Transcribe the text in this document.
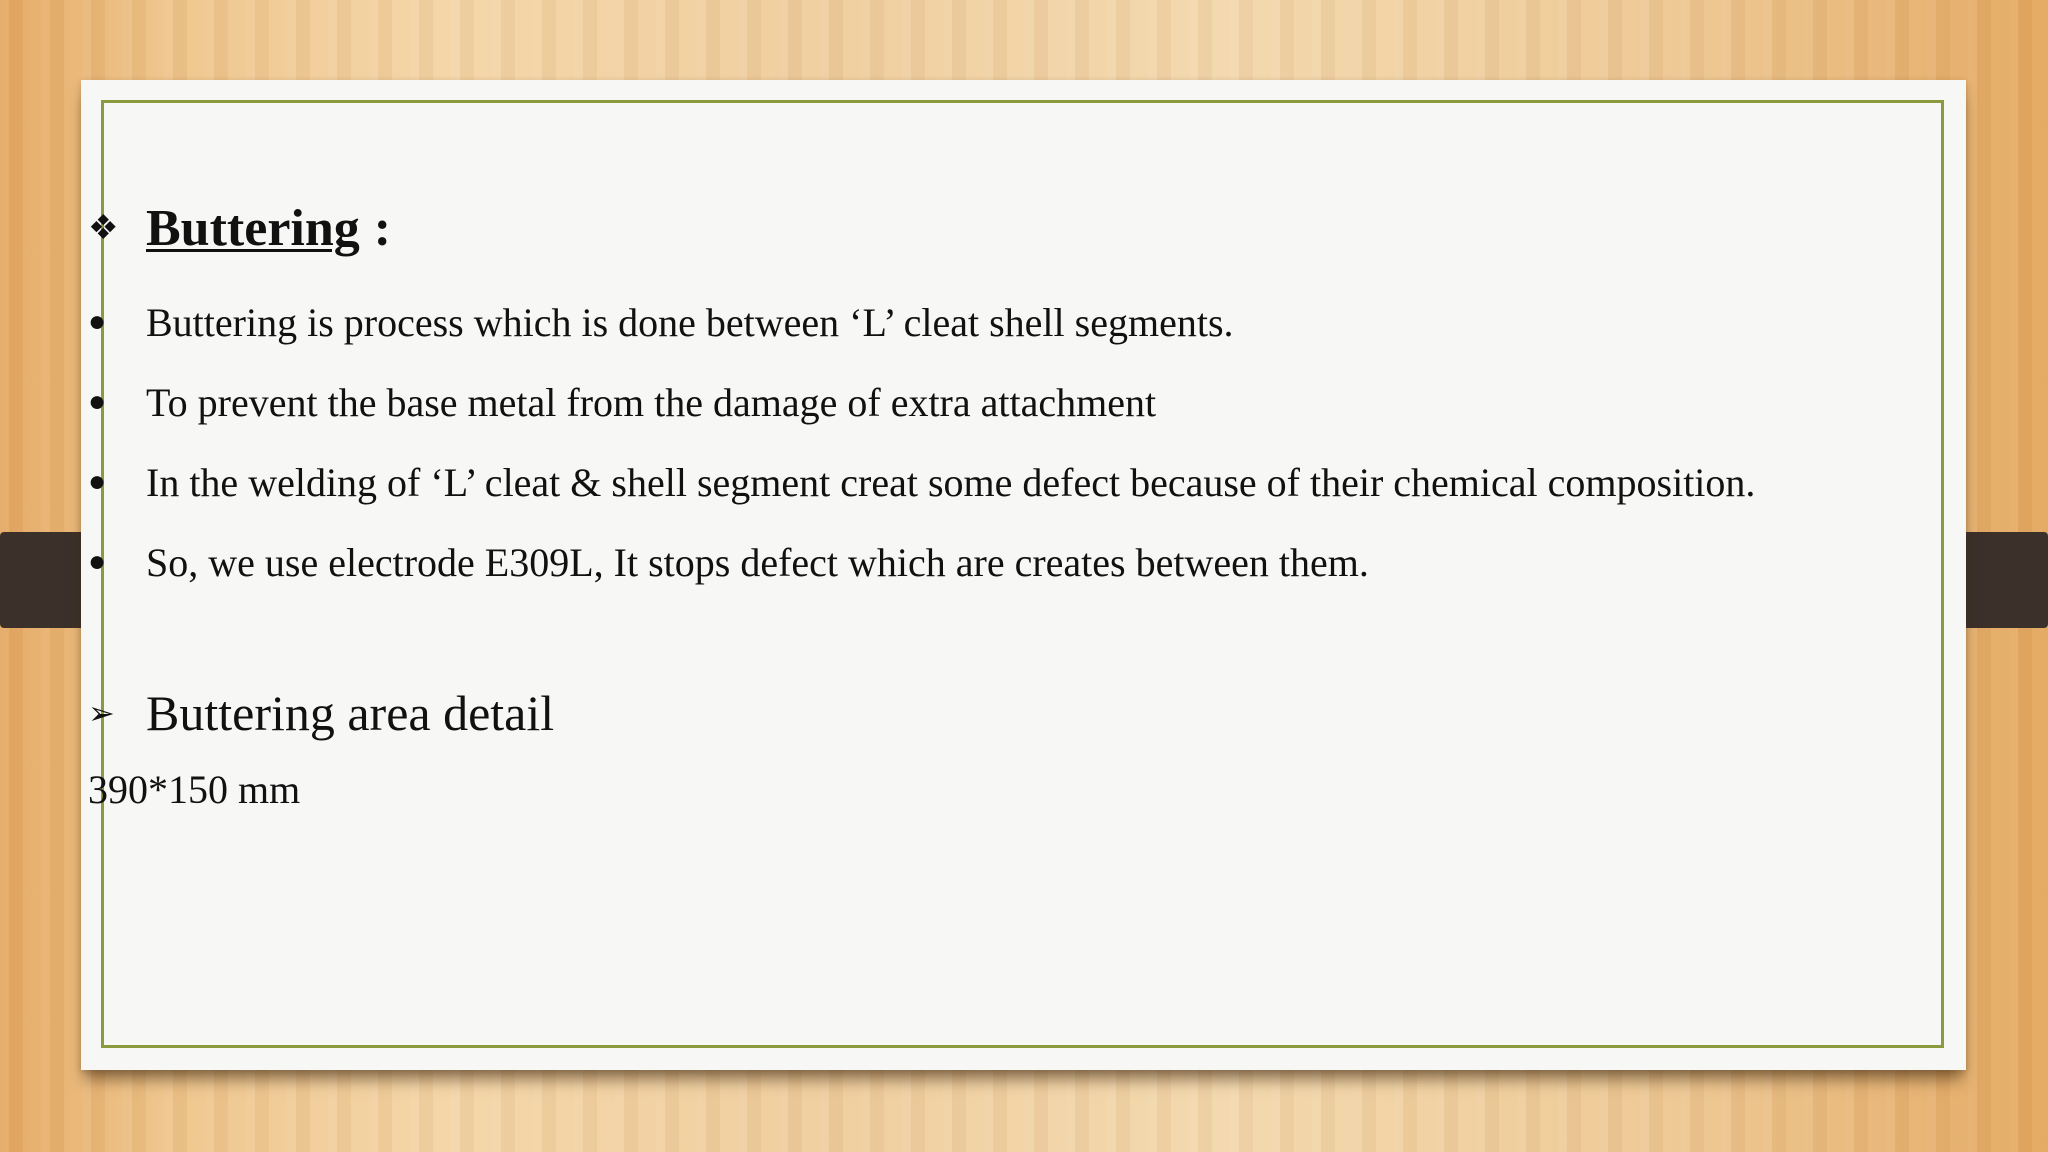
❖ Buttering :
● Buttering is process which is done between ‘L’ cleat shell segments.
● To prevent the base metal from the damage of extra attachment
● In the welding of ‘L’ cleat & shell segment creat some defect because of their chemical composition.
● So, we use electrode E309L, It stops defect which are creates between them.
➢ Buttering area detail
390*150 mm
